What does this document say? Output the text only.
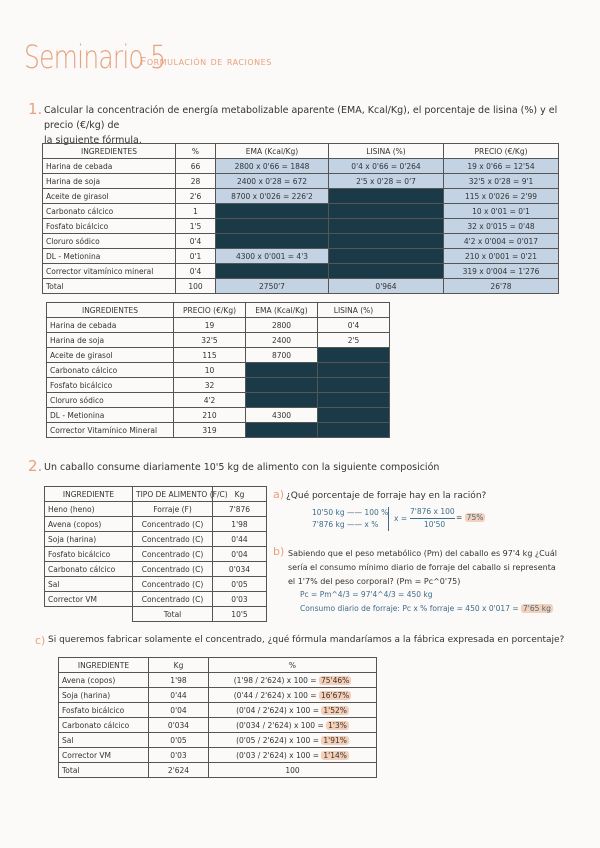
Seminario 5
Formulación de raciones
1. Calcular la concentración de energía metabolizable aparente (EMA, Kcal/Kg), el porcentaje de lisina (%) y el precio (€/kg) de
la siguiente fórmula.
INGREDIENTES	%	EMA (Kcal/Kg)	LISINA (%)	PRECIO (€/Kg)
Harina de cebada	66	2800 x 0'66 = 1848	0'4 x 0'66 = 0'264	19 x 0'66 = 12'54
Harina de soja	28	2400 x 0'28 = 672	2'5 x 0'28 = 0'7	32'5 x 0'28 = 9'1
Aceite de girasol	2'6	8700 x 0'026 = 226'2		115 x 0'026 = 2'99
Carbonato cálcico	1			10 x 0'01 = 0'1
Fosfato bicálcico	1'5			32 x 0'015 = 0'48
Cloruro sódico	0'4			4'2 x 0'004 = 0'017
DL - Metionina	0'1	4300 x 0'001 = 4'3		210 x 0'001 = 0'21
Corrector vitamínico mineral	0'4			319 x 0'004 = 1'276
Total	100	2750'7	0'964	26'78
INGREDIENTES	PRECIO (€/Kg)	EMA (Kcal/Kg)	LISINA (%)
Harina de cebada	19	2800	0'4
Harina de soja	32'5	2400	2'5
Aceite de girasol	115	8700	
Carbonato cálcico	10		
Fosfato bicálcico	32		
Cloruro sódico	4'2		
DL - Metionina	210	4300	
Corrector Vitamínico Mineral	319		
2. Un caballo consume diariamente 10'5 kg de alimento con la siguiente composición
INGREDIENTE	TIPO DE ALIMENTO (F/C)	Kg
Heno (heno)	Forraje (F)	7'876
Avena (copos)	Concentrado (C)	1'98
Soja (harina)	Concentrado (C)	0'44
Fosfato bicálcico	Concentrado (C)	0'04
Carbonato cálcico	Concentrado (C)	0'034
Sal	Concentrado (C)	0'05
Corrector VM	Concentrado (C)	0'03
	Total	10'5
a) ¿Qué porcentaje de forraje hay en la ración?
10'50 kg —— 100 %
7'876 kg —— x %
x =
7'876 x 100
10'50
= 75%
b) Sabiendo que el peso metabólico (Pm) del caballo es 97'4 kg ¿Cuál
sería el consumo mínimo diario de forraje del caballo si representa
el 1'7% del peso corporal? (Pm = Pc^0'75)
Pc = Pm^4/3 = 97'4^4/3 = 450 kg
Consumo diario de forraje: Pc x % forraje = 450 x 0'017 = 7'65 kg
c) Si queremos fabricar solamente el concentrado, ¿qué fórmula mandaríamos a la fábrica expresada en porcentaje?
INGREDIENTE	Kg	%
Avena (copos)	1'98	(1'98 / 2'624) x 100 = 75'46%
Soja (harina)	0'44	(0'44 / 2'624) x 100 = 16'67%
Fosfato bicálcico	0'04	(0'04 / 2'624) x 100 = 1'52%
Carbonato cálcico	0'034	(0'034 / 2'624) x 100 = 1'3%
Sal	0'05	(0'05 / 2'624) x 100 = 1'91%
Corrector VM	0'03	(0'03 / 2'624) x 100 = 1'14%
Total	2'624	100
